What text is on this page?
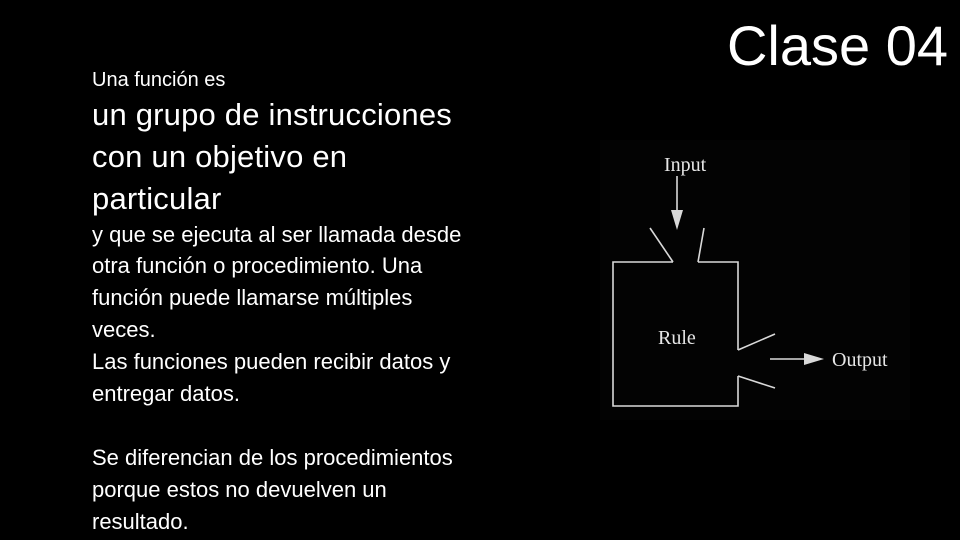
Clase 04

Una función es

un grupo de instrucciones

con un objetivo en

particular

y que se ejecuta al ser llamada desde

otra función o procedimiento. Una

función puede llamarse múltiples

veces.

Las funciones pueden recibir datos y

entregar datos.

Se diferencian de los procedimientos

porque estos no devuelven un

resultado.

Input
Rule
Output
